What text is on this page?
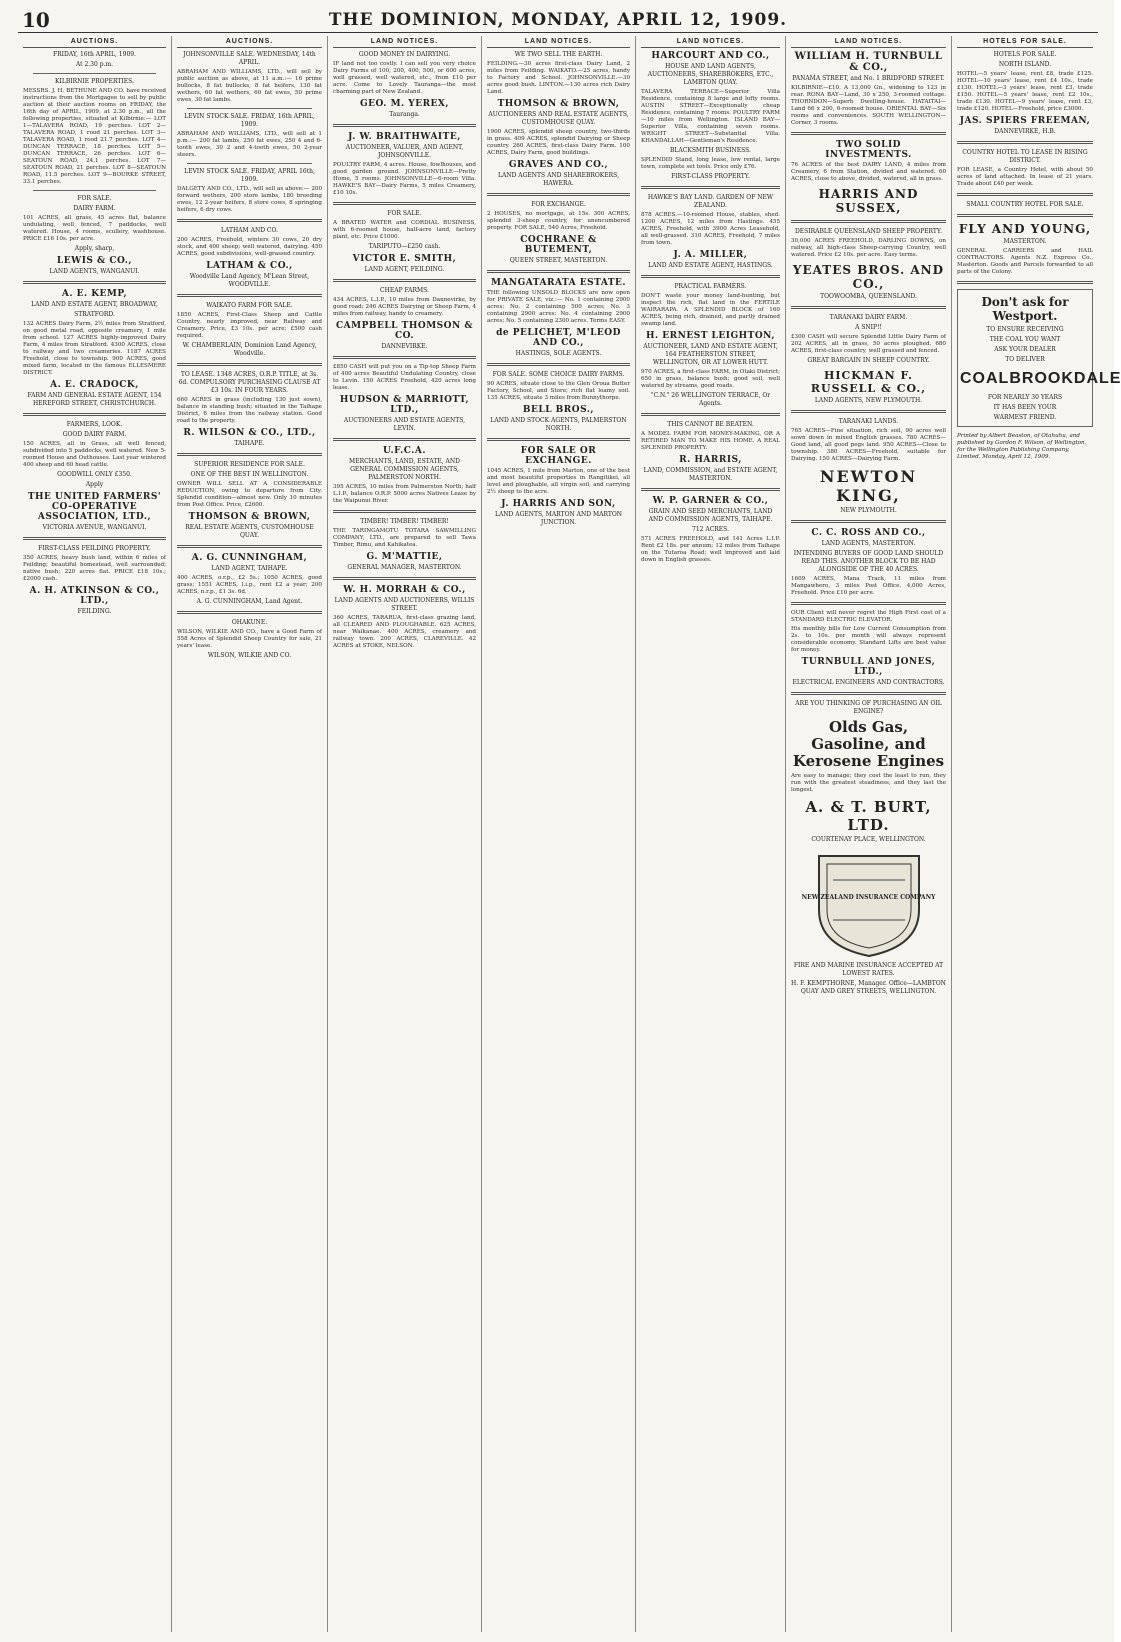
10	THE DOMINION, MONDAY, APRIL 12, 1909.
AUCTIONS.
FRIDAY, 16th APRIL, 1909.
At 2.30 p.m.
KILBIRNIE PROPERTIES.
MESSRS. J. H. BETHUNE AND CO. have received instructions from the Mortgagee to sell by public auction at their auction rooms on FRIDAY, the 16th day of APRIL, 1909, at 2.30 p.m., all the following properties, situated at Kilbirnie:— LOT 1—TALAVERA ROAD, 19 perches. LOT 2—TALAVERA ROAD, 1 rood 21 perches. LOT 3—TALAVERA ROAD, 1 rood 21.7 perches. LOT 4—DUNCAN TERRACE, 18 perches. LOT 5—DUNCAN TERRACE, 26 perches. LOT 6—SEATOUN ROAD, 24.1 perches. LOT 7—SEATOUN ROAD, 21 perches. LOT 8—SEATOUN ROAD, 11.5 perches. LOT 9—BOURKE STREET, 33.1 perches.
FOR SALE.
DAIRY FARM.
101 ACRES, all grass, 45 acres flat, balance undulating, well fenced, 7 paddocks, well watered. House, 4 rooms, scullery, washhouse. PRICE £16 10s. per acre.
Apply, sharp,
LEWIS & CO.,
LAND AGENTS, WANGANUI.
A. E. KEMP,
LAND AND ESTATE AGENT, BROADWAY,
STRATFORD.
132 ACRES Dairy Farm, 2½ miles from Stratford, on good metal road, opposite creamery, 1 mile from school. 127 ACRES highly-improved Dairy Farm, 4 miles from Stratford. 4300 ACRES, close to railway and two creameries. 1187 ACRES Freehold, close to township. 900 ACRES, good mixed farm, located in the famous ELLESMERE DISTRICT.
A. E. CRADOCK,
FARM AND GENERAL ESTATE AGENT, 154 HEREFORD STREET, CHRISTCHURCH.
FARMERS, LOOK.
GOOD DAIRY FARM.
150 ACRES, all in Grass, all well fenced, subdivided into 5 paddocks, well watered. New 5-roomed House and Outhouses. Last year wintered 400 sheep and 60 head cattle.
GOODWILL ONLY £350.
Apply
THE UNITED FARMERS' CO-OPERATIVE ASSOCIATION, LTD.,
VICTORIA AVENUE, WANGANUI.
FIRST-CLASS FEILDING PROPERTY.
350 ACRES, heavy bush land, within 6 miles of Feilding; beautiful homestead, well surrounded; native bush; 220 acres flat. PRICE £18 10s.; £2000 cash.
A. H. ATKINSON & CO., LTD.,
FEILDING.
AUCTIONS.
JOHNSONVILLE SALE. WEDNESDAY, 14th APRIL.
ABRAHAM AND WILLIAMS, LTD., will sell by public auction as above, at 11 a.m.:— 16 prime bullocks, 8 fat bullocks, 8 fat heifers, 130 fat wethers, 60 fat wethers, 60 fat ewes, 50 prime ewes, 30 fat lambs.
LEVIN STOCK SALE. FRIDAY, 16th APRIL, 1909.
ABRAHAM AND WILLIAMS, LTD., will sell at 1 p.m.:— 200 fat lambs, 250 fat ewes, 250 4 and 6-tooth ewes, 30 2 and 4-tooth ewes, 50 2-year steers.
LEVIN STOCK SALE. FRIDAY, APRIL 16th, 1909.
DALGETY AND CO., LTD., will sell as above:— 200 forward wethers, 200 store lambs, 180 breeding ewes, 12 2-year heifers, 8 store cows, 8 springing heifers, 6 dry cows.
LATHAM AND CO.
200 ACRES, Freehold, winters 30 cows, 20 dry stock, and 400 sheep; well watered, dairying. 450 ACRES, good subdivisions, well-grassed country.
LATHAM & CO.,
Woodville Land Agency, M'Lean Street, WOODVILLE.
WAIKATO FARM FOR SALE.
1850 ACRES, First-Class Sheep and Cattle Country, nearly improved, near Railway and Creamery. Price, £3 10s. per acre; £500 cash required.
W. CHAMBERLAIN, Dominion Land Agency, Woodville.
TO LEASE. 1348 ACRES, O.R.P. TITLE, at 3s. 6d. COMPULSORY PURCHASING CLAUSE AT £3 10s. IN FOUR YEARS.
660 ACRES in grass (including 130 just sown), balance in standing bush; situated in the Taihape District, 6 miles from the railway station. Good road to the property.
R. WILSON & CO., LTD.,
TAIHAPE.
SUPERIOR RESIDENCE FOR SALE.
ONE OF THE BEST IN WELLINGTON.
OWNER WILL SELL AT A CONSIDERABLE REDUCTION, owing to departure from City. Splendid condition—almost new. Only 10 minutes from Post Office. Price, £2600.
THOMSON & BROWN,
REAL ESTATE AGENTS, CUSTOMHOUSE QUAY.
A. G. CUNNINGHAM,
LAND AGENT, TAIHAPE.
400 ACRES, o.r.p., £2 5s.; 1050 ACRES, good grass; 1551 ACRES, l.i.p., rent £2 a year; 200 ACRES, n.r.p., £1 3s. 6d.
A. G. CUNNINGHAM, Land Agent.
OHAKUNE.
WILSON, WILKIE AND CO., have a Good Farm of 558 Acres of Splendid Sheep Country for sale, 21 years' lease.
WILSON, WILKIE AND CO.
LAND NOTICES.
GOOD MONEY IN DAIRYING.
IF land not too costly. I can sell you very choice Dairy Farms of 100, 200, 400, 500, or 600 acres, well grassed, well watered, etc., from £10 per acre. Come to Lovely Tauranga—the most charming part of New Zealand.
GEO. M. YEREX,
Tauranga.
J. W. BRAITHWAITE,
AUCTIONEER, VALUER, AND AGENT, JOHNSONVILLE.
POULTRY FARM, 4 acres. House, fowlhouses, and good garden ground. JOHNSONVILLE—Pretty Home, 5 rooms. JOHNSONVILLE—6-room Villa. HAWKE'S BAY—Dairy Farms, 5 miles Creamery, £10 10s.
FOR SALE.
A BRATED WATER and CORDIAL BUSINESS, with 6-roomed house, half-acre land, factory plant, etc. Price £1000.
TARIPUTO—£250 cash.
VICTOR E. SMITH,
LAND AGENT, FEILDING.
CHEAP FARMS.
434 ACRES, L.I.P., 10 miles from Dannevirke, by good road; 246 ACRES Dairying or Sheep Farm, 4 miles from railway, handy to creamery.
CAMPBELL THOMSON & CO.
DANNEVIRKE.
£850 CASH will put you on a Tip-top Sheep Farm of 400 acres Beautiful Undulating Country, close to Levin. 150 ACRES Freehold, 420 acres long lease.
HUDSON & MARRIOTT, LTD.,
AUCTIONEERS AND ESTATE AGENTS, LEVIN.
U.F.C.A.
MERCHANTS, LAND, ESTATE, AND GENERAL COMMISSION AGENTS, PALMERSTON NORTH.
395 ACRES, 10 miles from Palmerston North; half L.I.P., balance O.R.P. 5000 acres Natives Lease by the Waipunui River.
TIMBER! TIMBER! TIMBER!
THE TARINGAMOTU TOTARA SAWMILLING COMPANY, LTD., are prepared to sell Tawa Timber, Rimu, and Kahikatea.
G. M'MATTIE,
GENERAL MANAGER, MASTERTON.
W. H. MORRAH & CO.,
LAND AGENTS AND AUCTIONEERS, WILLIS STREET.
360 ACRES, TARARUA, first-class grazing land, all CLEARED AND PLOUGHABLE. 625 ACRES, near Waikanae. 400 ACRES, creamery and railway town. 200 ACRES, CLAREVILLE. 42 ACRES at STOKE, NELSON.
LAND NOTICES.
WE TWO SELL THE EARTH.
FEILDING.—30 acres first-class Dairy Land, 2 miles from Feilding. WAIKATO.—25 acres, handy to Factory and School. JOHNSONVILLE.—30 acres good bush. LINTON.—130 acres rich Dairy Land.
THOMSON & BROWN,
AUCTIONEERS AND REAL ESTATE AGENTS, CUSTOMHOUSE QUAY.
1900 ACRES, splendid sheep country, two-thirds in grass. 409 ACRES, splendid Dairying or Sheep country. 260 ACRES, first-class Dairy Farm. 100 ACRES, Dairy Farm, good buildings.
GRAVES AND CO.,
LAND AGENTS AND SHAREBROKERS, HAWERA.
FOR EXCHANGE.
2 HOUSES, no mortgage, at 15s. 300 ACRES, splendid 3-sheep country, for unencumbered property. FOR SALE, 540 Acres, Freehold.
COCHRANE & BUTEMENT,
QUEEN STREET, MASTERTON.
MANGATARATA ESTATE.
THE following UNSOLD BLOCKS are now open for PRIVATE SALE, viz.:— No. 1 containing 2900 acres; No. 2 containing 500 acres; No. 3 containing 2900 acres; No. 4 containing 2900 acres; No. 5 containing 2300 acres. Terms EASY.
de PELICHET, M'LEOD AND CO.,
HASTINGS, SOLE AGENTS.
FOR SALE. SOME CHOICE DAIRY FARMS.
90 ACRES, situate close to the Glen Oroua Butter Factory, School, and Store; rich flat loamy soil. 135 ACRES, situate 3 miles from Bunnythorpe.
BELL BROS.,
LAND AND STOCK AGENTS, PALMERSTON NORTH.
FOR SALE OR EXCHANGE.
1045 ACRES, 1 mile from Marton, one of the best and most beautiful properties in Rangitikei, all level and ploughable, all virgin soil, and carrying 2½ sheep to the acre.
J. HARRIS AND SON,
LAND AGENTS, MARTON AND MARTON JUNCTION.
LAND NOTICES.
HARCOURT AND CO.,
HOUSE AND LAND AGENTS, AUCTIONEERS, SHAREBROKERS, ETC., LAMBTON QUAY.
TALAVERA TERRACE—Superior Villa Residence, containing 8 large and lofty rooms. AUSTIN STREET—Exceptionally cheap Residence, containing 7 rooms. POULTRY FARM—10 miles from Wellington. ISLAND BAY—Superior Villa, containing seven rooms. WRIGHT STREET—Substantial Villa. KHANDALLAH—Gentleman's Residence.
BLACKSMITH BUSINESS.
SPLENDID Stand, long lease, low rental, large town, complete set tools. Price only £76.
FIRST-CLASS PROPERTY.
HAWKE'S BAY LAND. GARDEN OF NEW ZEALAND.
878 ACRES.—10-roomed House, stables, shed. 1200 ACRES, 12 miles from Hastings. 455 ACRES, Freehold, with 3900 Acres Leasehold, all well-grassed. 310 ACRES, Freehold, 7 miles from town.
J. A. MILLER,
LAND AND ESTATE AGENT, HASTINGS.
PRACTICAL FARMERS.
DON'T waste your money land-hunting, but inspect the rich, flat land in the FERTILE WAIRARAPA. A SPLENDID BLOCK of 160 ACRES, being rich, drained, and partly drained swamp land.
H. ERNEST LEIGHTON,
AUCTIONEER, LAND AND ESTATE AGENT, 164 FEATHERSTON STREET, WELLINGTON, OR AT LOWER HUTT.
970 ACRES, a first-class FARM, in Otaki District; 650 in grass, balance bush; good soil, well watered by streams, good roads.
"C.N." 26 WELLINGTON TERRACE, Or Agents.
THIS CANNOT BE BEATEN.
A MODEL FARM FOR MONEY-MAKING, OR A RETIRED MAN TO MAKE HIS HOME. A REAL SPLENDID PROPERTY.
R. HARRIS,
LAND, COMMISSION, and ESTATE AGENT, MASTERTON.
W. P. GARNER & CO.,
GRAIN AND SEED MERCHANTS, LAND AND COMMISSION AGENTS, TAIHAPE.
712 ACRES.
571 ACRES FREEHOLD, and 141 Acres L.I.P. Rent £2 18s. per annum; 12 miles from Taihape on the Tutaroa Road; well improved and laid down in English grasses.
LAND NOTICES.
WILLIAM H. TURNBULL & CO.,
PANAMA STREET, and No. 1 BRIDFORD STREET.
KILBIRNIE—£10. A 13,000 Gn., widening to 123 in rear. RONA BAY—Land, 30 x 250, 3-roomed cottage. THORNDON—Superb Dwelling-house. HATAITAI—Land 66 x 200, 6-roomed house. ORIENTAL BAY—Six rooms and conveniences. SOUTH WELLINGTON—Corner, 3 rooms.
TWO SOLID INVESTMENTS.
76 ACRES of the best DAIRY LAND, 4 miles from Creamery, 6 from Station, divided and watered. 60 ACRES, close to above, divided, watered, all in grass.
HARRIS AND SUSSEX,
DESIRABLE QUEENSLAND SHEEP PROPERTY.
30,000 ACRES FREEHOLD, DARLING DOWNS, on railway, all high-class Sheep-carrying Country, well watered. Price £2 10s. per acre. Easy terms.
YEATES BROS. AND CO.,
TOOWOOMBA, QUEENSLAND.
TARANAKI DAIRY FARM.
A SNIP!!
£300 CASH will secure Splendid Little Dairy Farm of 202 ACRES, all in grass, 50 acres ploughed. 680 ACRES, first-class country, well grassed and fenced.
GREAT BARGAIN IN SHEEP COUNTRY.
HICKMAN F. RUSSELL & CO.,
LAND AGENTS, NEW PLYMOUTH.
TARANAKI LANDS.
765 ACRES—Fine situation, rich soil, 90 acres well sown down in mixed English grasses. 780 ACRES—Good land, all good pegs land. 950 ACRES—Close to township. 380 ACRES—Freehold, suitable for Dairying. 150 ACRES—Dairying Farm.
NEWTON KING,
NEW PLYMOUTH.
C. C. ROSS AND CO.,
LAND AGENTS, MASTERTON.
INTENDING BUYERS OF GOOD LAND SHOULD READ THIS. ANOTHER BLOCK TO BE HAD ALONGSIDE OF THE 40 ACRES.
1609 ACRES, Mana Track, 11 miles from Mangawhero, 3 miles Post Office. 4,000 Acres, Freehold. Price £10 per acre.
OUR Client will never regret the High First cost of a STANDARD ELECTRIC ELEVATOR.
His monthly bills for Low Current Consumption from 2s. to 10s. per month will always represent considerable economy. Standard Lifts are best value for money.
TURNBULL AND JONES, LTD.,
ELECTRICAL ENGINEERS AND CONTRACTORS.
ARE YOU THINKING OF PURCHASING AN OIL ENGINE?
Olds Gas, Gasoline, and Kerosene Engines
Are easy to manage; they cost the least to run, they run with the greatest steadiness, and they last the longest.
A. & T. BURT, LTD.
COURTENAY PLACE, WELLINGTON.
NEW ZEALAND INSURANCE COMPANY
FIRE AND MARINE INSURANCE ACCEPTED AT LOWEST RATES.
H. F. KEMPTHORNE, Manager. Office—LAMBTON QUAY AND GREY STREETS, WELLINGTON.
HOTELS FOR SALE.
HOTELS FOR SALE.
NORTH ISLAND.
HOTEL—5 years' lease, rent £8, trade £125. HOTEL—10 years' lease, rent £4 10s., trade £130. HOTEL—3 years' lease, rent £3, trade £150. HOTEL—5 years' lease, rent £2 10s., trade £130. HOTEL—9 years' lease, rent £3, trade £120. HOTEL—Freehold, price £3000.
JAS. SPIERS FREEMAN,
DANNEVIRKE, H.B.
COUNTRY HOTEL TO LEASE IN RISING DISTRICT.
FOR LEASE, a Country Hotel, with about 50 acres of land attached. In lease of 21 years. Trade about £40 per week.
SMALL COUNTRY HOTEL FOR SALE.
FLY AND YOUNG,
MASTERTON.
GENERAL CARRIERS and HAIL CONTRACTORS. Agents N.Z. Express Co., Masterton. Goods and Parcels forwarded to all parts of the Colony.
Don't ask for Westport.
TO ENSURE RECEIVING
THE COAL YOU WANT
ASK YOUR DEALER
TO DELIVER
COALBROOKDALE
FOR NEARLY 30 YEARS
IT HAS BEEN YOUR
WARMEST FRIEND.
Printed by Albert Beaston, of Otahuhu, and published by Gordon F. Wilson, of Wellington, for the Wellington Publishing Company, Limited. Monday, April 12, 1909.
